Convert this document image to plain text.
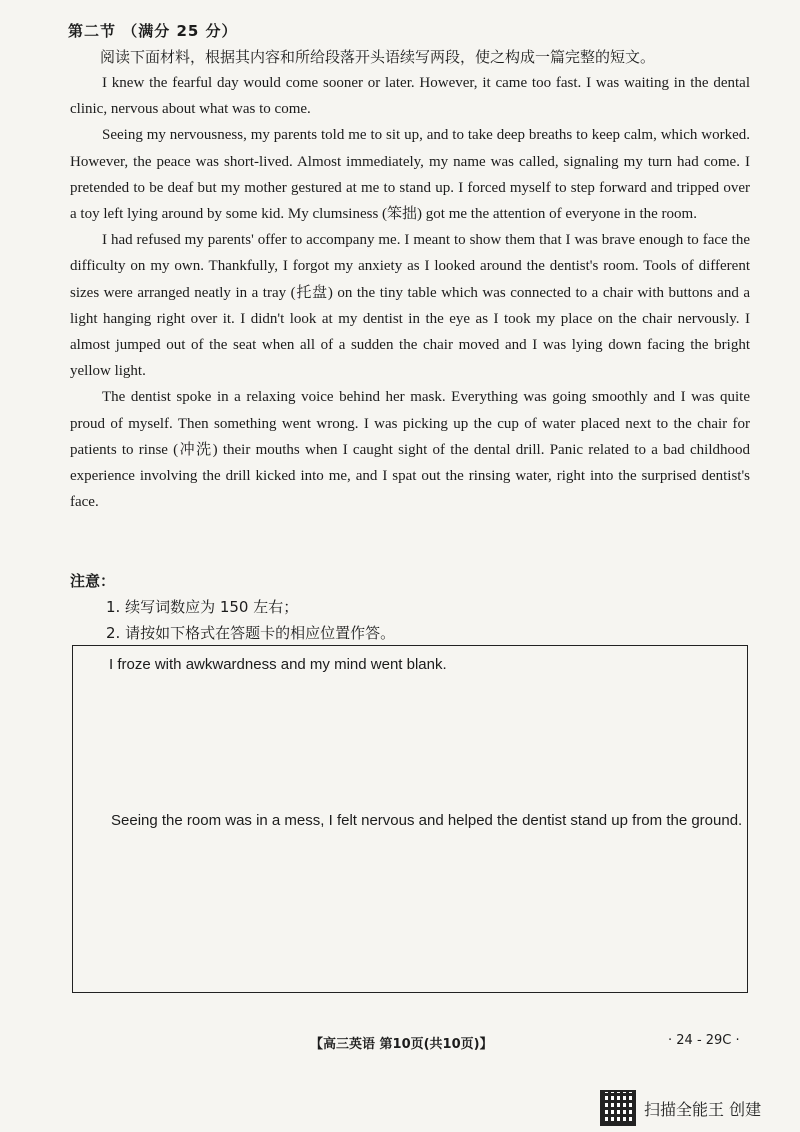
第二节 （满分 25 分）
阅读下面材料，根据其内容和所给段落开头语续写两段，使之构成一篇完整的短文。

I knew the fearful day would come sooner or later. However, it came too fast. I was waiting in the dental clinic, nervous about what was to come.

Seeing my nervousness, my parents told me to sit up, and to take deep breaths to keep calm, which worked. However, the peace was short-lived. Almost immediately, my name was called, signaling my turn had come. I pretended to be deaf but my mother gestured at me to stand up. I forced myself to step forward and tripped over a toy left lying around by some kid. My clumsiness (笨拙) got me the attention of everyone in the room.

I had refused my parents' offer to accompany me. I meant to show them that I was brave enough to face the difficulty on my own. Thankfully, I forgot my anxiety as I looked around the dentist's room. Tools of different sizes were arranged neatly in a tray (托盘) on the tiny table which was connected to a chair with buttons and a light hanging right over it. I didn't look at my dentist in the eye as I took my place on the chair nervously. I almost jumped out of the seat when all of a sudden the chair moved and I was lying down facing the bright yellow light.

The dentist spoke in a relaxing voice behind her mask. Everything was going smoothly and I was quite proud of myself. Then something went wrong. I was picking up the cup of water placed next to the chair for patients to rinse (冲洗) their mouths when I caught sight of the dental drill. Panic related to a bad childhood experience involving the drill kicked into me, and I spat out the rinsing water, right into the surprised dentist's face.

注意：
1. 续写词数应为 150 左右；
2. 请按如下格式在答题卡的相应位置作答。
I froze with awkwardness and my mind went blank.
Seeing the room was in a mess, I felt nervous and helped the dentist stand up from the ground.
【高三英语 第10页(共10页)】	· 24 - 29C ·
扫描全能王 创建
